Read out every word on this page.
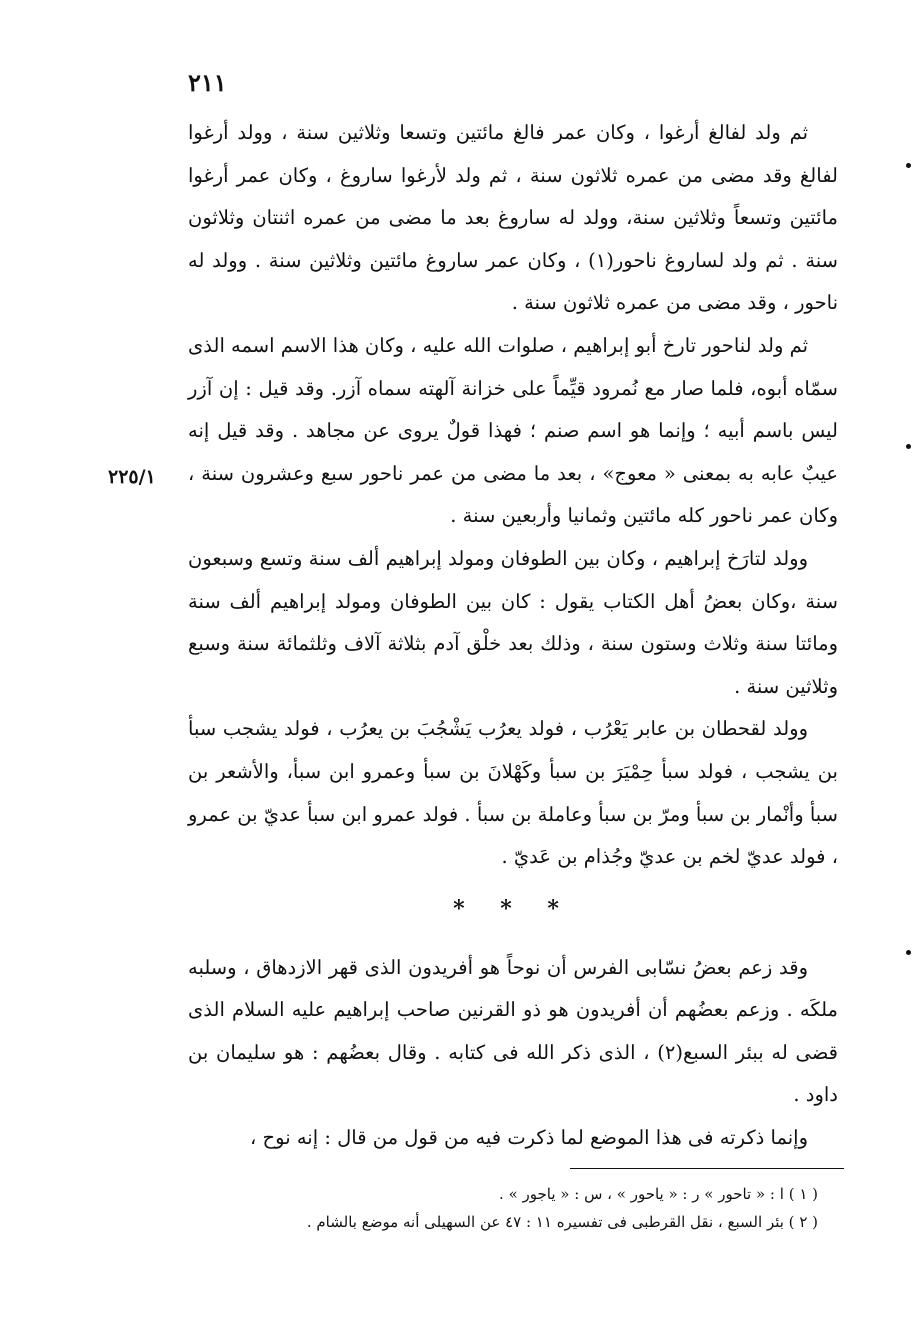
٢١١
٢٢٥/١

ثم ولد لفالغ أرغوا ، وكان عمر فالغ مائتين وتسعا وثلاثين سنة ، وولد أرغوا لفالغ وقد مضى من عمره ثلاثون سنة ، ثم ولد لأرغوا ساروغ ، وكان عمر أرغوا مائتين وتسعاً وثلاثين سنة، وولد له ساروغ بعد ما مضى من عمره اثنتان وثلاثون سنة . ثم ولد لساروغ ناحور(١) ، وكان عمر ساروغ مائتين وثلاثين سنة . وولد له ناحور ، وقد مضى من عمره ثلاثون سنة .

ثم ولد لناحور تارخ أبو إبراهيم ، صلوات الله عليه ، وكان هذا الاسم اسمه الذى سمّاه أبوه، فلما صار مع نُمرود قيِّماً على خزانة آلهته سماه آزر. وقد قيل : إن آزر ليس باسم أبيه ؛ وإنما هو اسم صنم ؛ فهذا قولٌ يروى عن مجاهد . وقد قيل إنه عيبٌ عابه به بمعنى « معوج» ، بعد ما مضى من عمر ناحور سبع وعشرون سنة ، وكان عمر ناحور كله مائتين وثمانيا وأربعين سنة .

وولد لتارَخ إبراهيم ، وكان بين الطوفان ومولد إبراهيم ألف سنة وتسع وسبعون سنة ،وكان بعضُ أهل الكتاب يقول : كان بين الطوفان ومولد إبراهيم ألف سنة ومائتا سنة وثلاث وستون سنة ، وذلك بعد خلْق آدم بثلاثة آلاف وثلثمائة سنة وسبع وثلاثين سنة .

وولد لقحطان بن عابر يَعْرُب ، فولد يعرُب يَشْجُبَ بن يعرُب ، فولد يشجب سبأ بن يشجب ، فولد سبأ حِمْيَرَ بن سبأ وكَهْلانَ بن سبأ وعمرو ابن سبأ، والأشعر بن سبأ وأنْمار بن سبأ ومرّ بن سبأ وعاملة بن سبأ . فولد عمرو ابن سبأ عديّ بن عمرو ، فولد عديّ لخم بن عديّ وجُذام بن عَديّ .

* * *

وقد زعم بعضُ نسّابى الفرس أن نوحاً هو أفريدون الذى قهر الازدهاق ، وسلبه ملكَه . وزعم بعضُهم أن أفريدون هو ذو القرنين صاحب إبراهيم عليه السلام الذى قضى له ببئر السبع(٢) ، الذى ذكر الله فى كتابه . وقال بعضُهم : هو سليمان بن داود .

وإنما ذكرته فى هذا الموضع لما ذكرت فيه من قول من قال : إنه نوح ،

( ١ ) ا : « تاحور » ر : « ياحور » ، س : « ياجور » .

( ٢ ) بئر السبع ، نقل القرطبى فى تفسيره ١١ : ٤٧ عن السهيلى أنه موضع بالشام .
